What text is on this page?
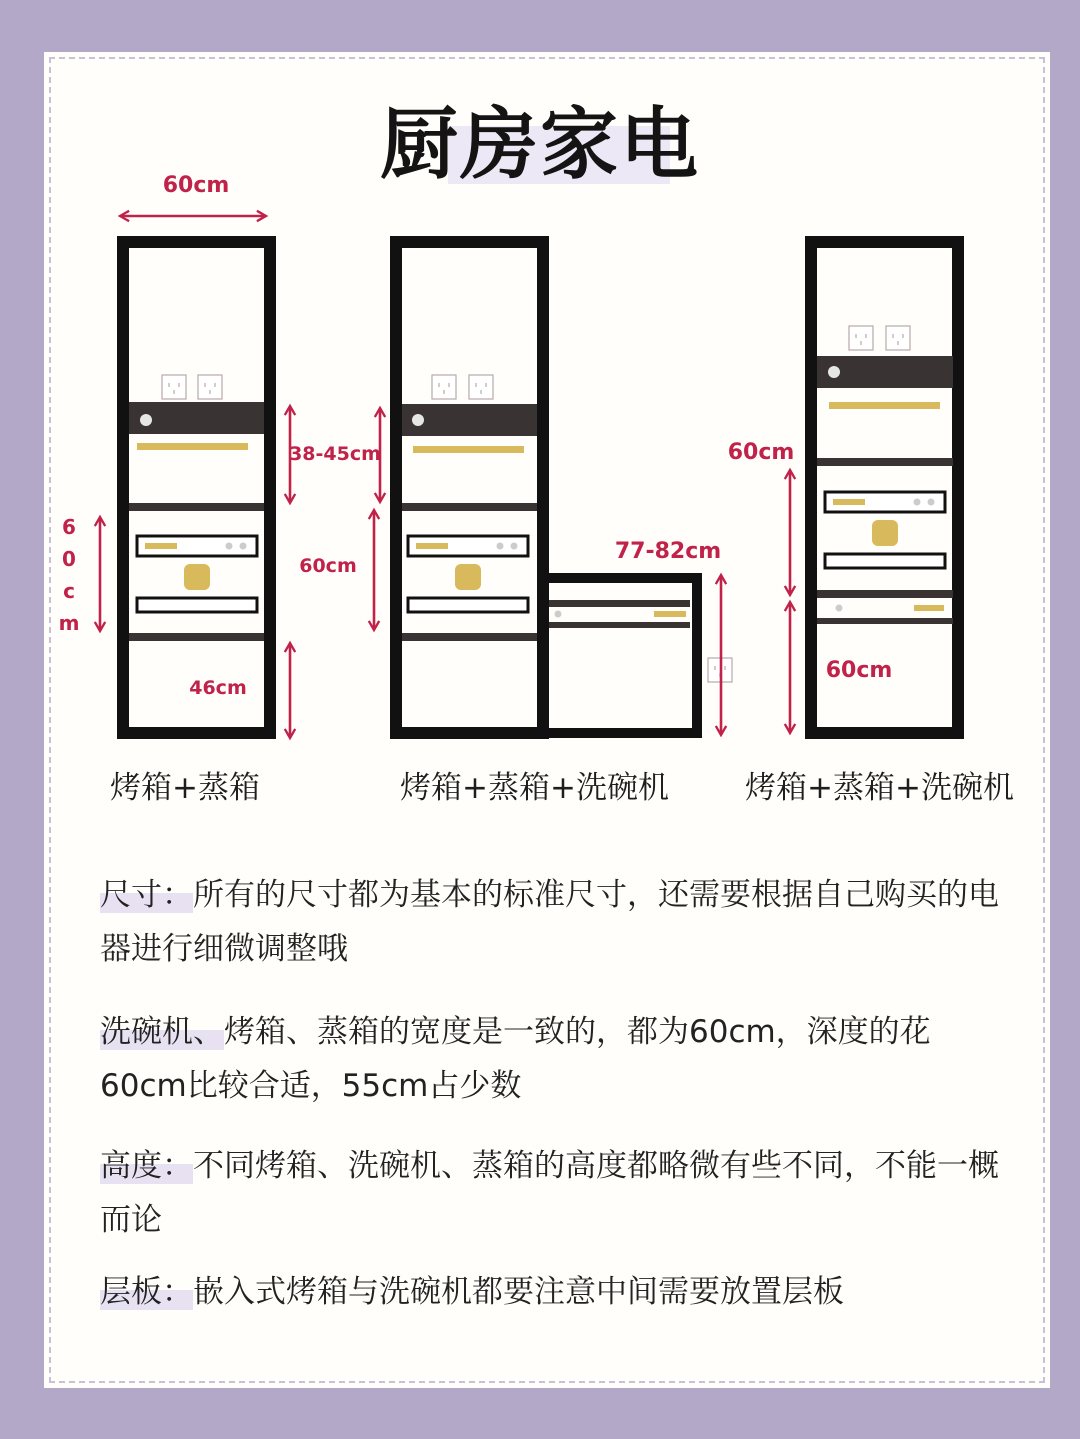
厨房家电
60cm
6
0
c
m
38-45cm
46cm
60cm
77-82cm
60cm
60cm
烤箱+蒸箱	烤箱+蒸箱+洗碗机 烤箱+蒸箱+洗碗机
尺寸：所有的尺寸都为基本的标准尺寸，还需要根据自己购买的电器进行细微调整哦
洗碗机、烤箱、蒸箱的宽度是一致的，都为60cm，深度的花60cm比较合适，55cm占少数
高度：不同烤箱、洗碗机、蒸箱的高度都略微有些不同，不能一概而论
层板：嵌入式烤箱与洗碗机都要注意中间需要放置层板
